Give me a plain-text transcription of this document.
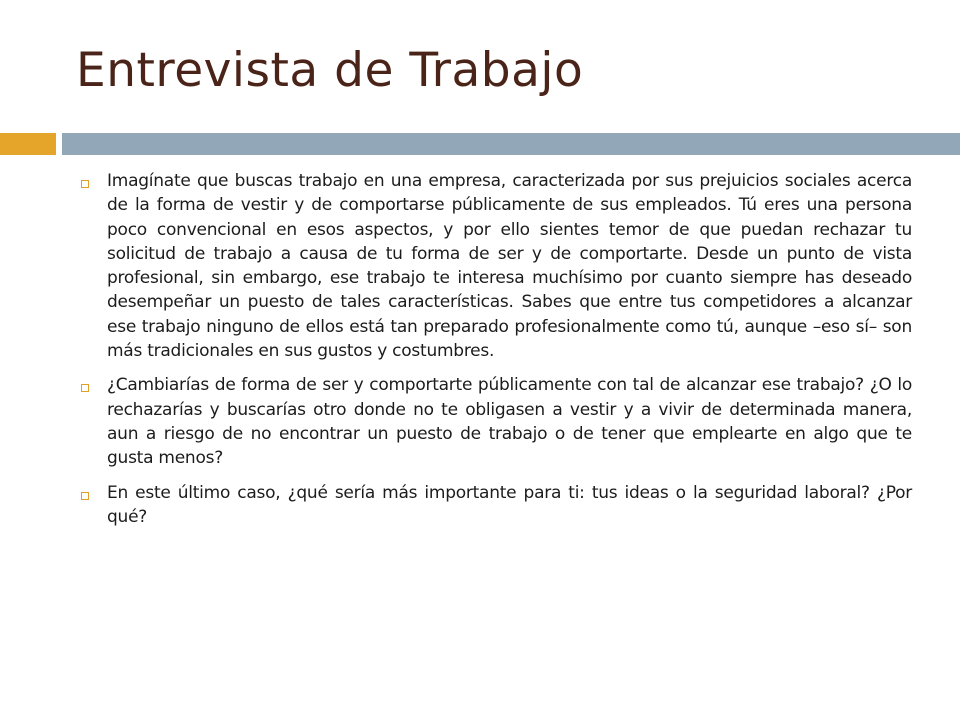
Entrevista de Trabajo
Imagínate que buscas trabajo en una empresa, caracterizada por sus prejuicios sociales acerca de la forma de vestir y de comportarse públicamente de sus empleados. Tú eres una persona poco convencional en esos aspectos, y por ello sientes temor de que puedan rechazar tu solicitud de trabajo a causa de tu forma de ser y de comportarte. Desde un punto de vista profesional, sin embargo, ese trabajo te interesa muchísimo por cuanto siempre has deseado desempeñar un puesto de tales características. Sabes que entre tus competidores a alcanzar ese trabajo ninguno de ellos está tan preparado profesionalmente como tú, aunque –eso sí– son más tradicionales en sus gustos y costumbres.
¿Cambiarías de forma de ser y comportarte públicamente con tal de alcanzar ese trabajo? ¿O lo rechazarías y buscarías otro donde no te obligasen a vestir y a vivir de determinada manera, aun a riesgo de no encontrar un puesto de trabajo o de tener que emplearte en algo que te gusta menos?
En este último caso, ¿qué sería más importante para ti: tus ideas o la seguridad laboral? ¿Por qué?
